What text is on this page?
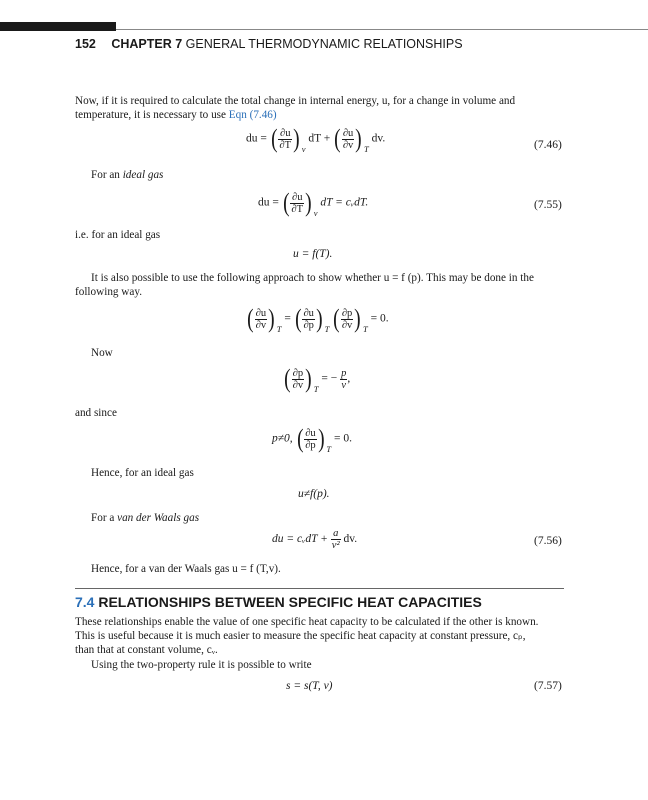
152 CHAPTER 7 GENERAL THERMODYNAMIC RELATIONSHIPS
Now, if it is required to calculate the total change in internal energy, u, for a change in volume and
temperature, it is necessary to use Eqn (7.46)
du = ( $\frac{\partial u}{\partial T}$ ) v dT + ( $\frac{\partial u}{\partial v}$ ) T dv.
(7.46)
For an ideal gas
du = ( $\frac{\partial u}{\partial T}$ ) v dT = cᵥdT.	(7.55)
i.e. for an ideal gas
u = f(T).
It is also possible to use the following approach to show whether u = f (p). This may be done in the
following way.
( $\frac{\partial u}{\partial v}$ ) T = ( $\frac{\partial u}{\partial p}$ ) T ( $\frac{\partial p}{\partial v}$ ) T = 0.
Now
( $\frac{\partial p}{\partial v}$ ) T = − $\frac{p}{v}$ ,
and since
p≠0, ( $\frac{\partial u}{\partial p}$ ) T = 0.
Hence, for an ideal gas
u≠f(p).
For a van der Waals gas
du = cᵥdT + $\frac{a}{\text{v²}}$ dv.	(7.56)
Hence, for a van der Waals gas u = f (T,v).
7.4 RELATIONSHIPS BETWEEN SPECIFIC HEAT CAPACITIES
These relationships enable the value of one specific heat capacity to be calculated if the other is known.
This is useful because it is much easier to measure the specific heat capacity at constant pressure, cₚ,
than that at constant volume, cᵥ.
Using the two-property rule it is possible to write
s = s(T, v)	(7.57)
